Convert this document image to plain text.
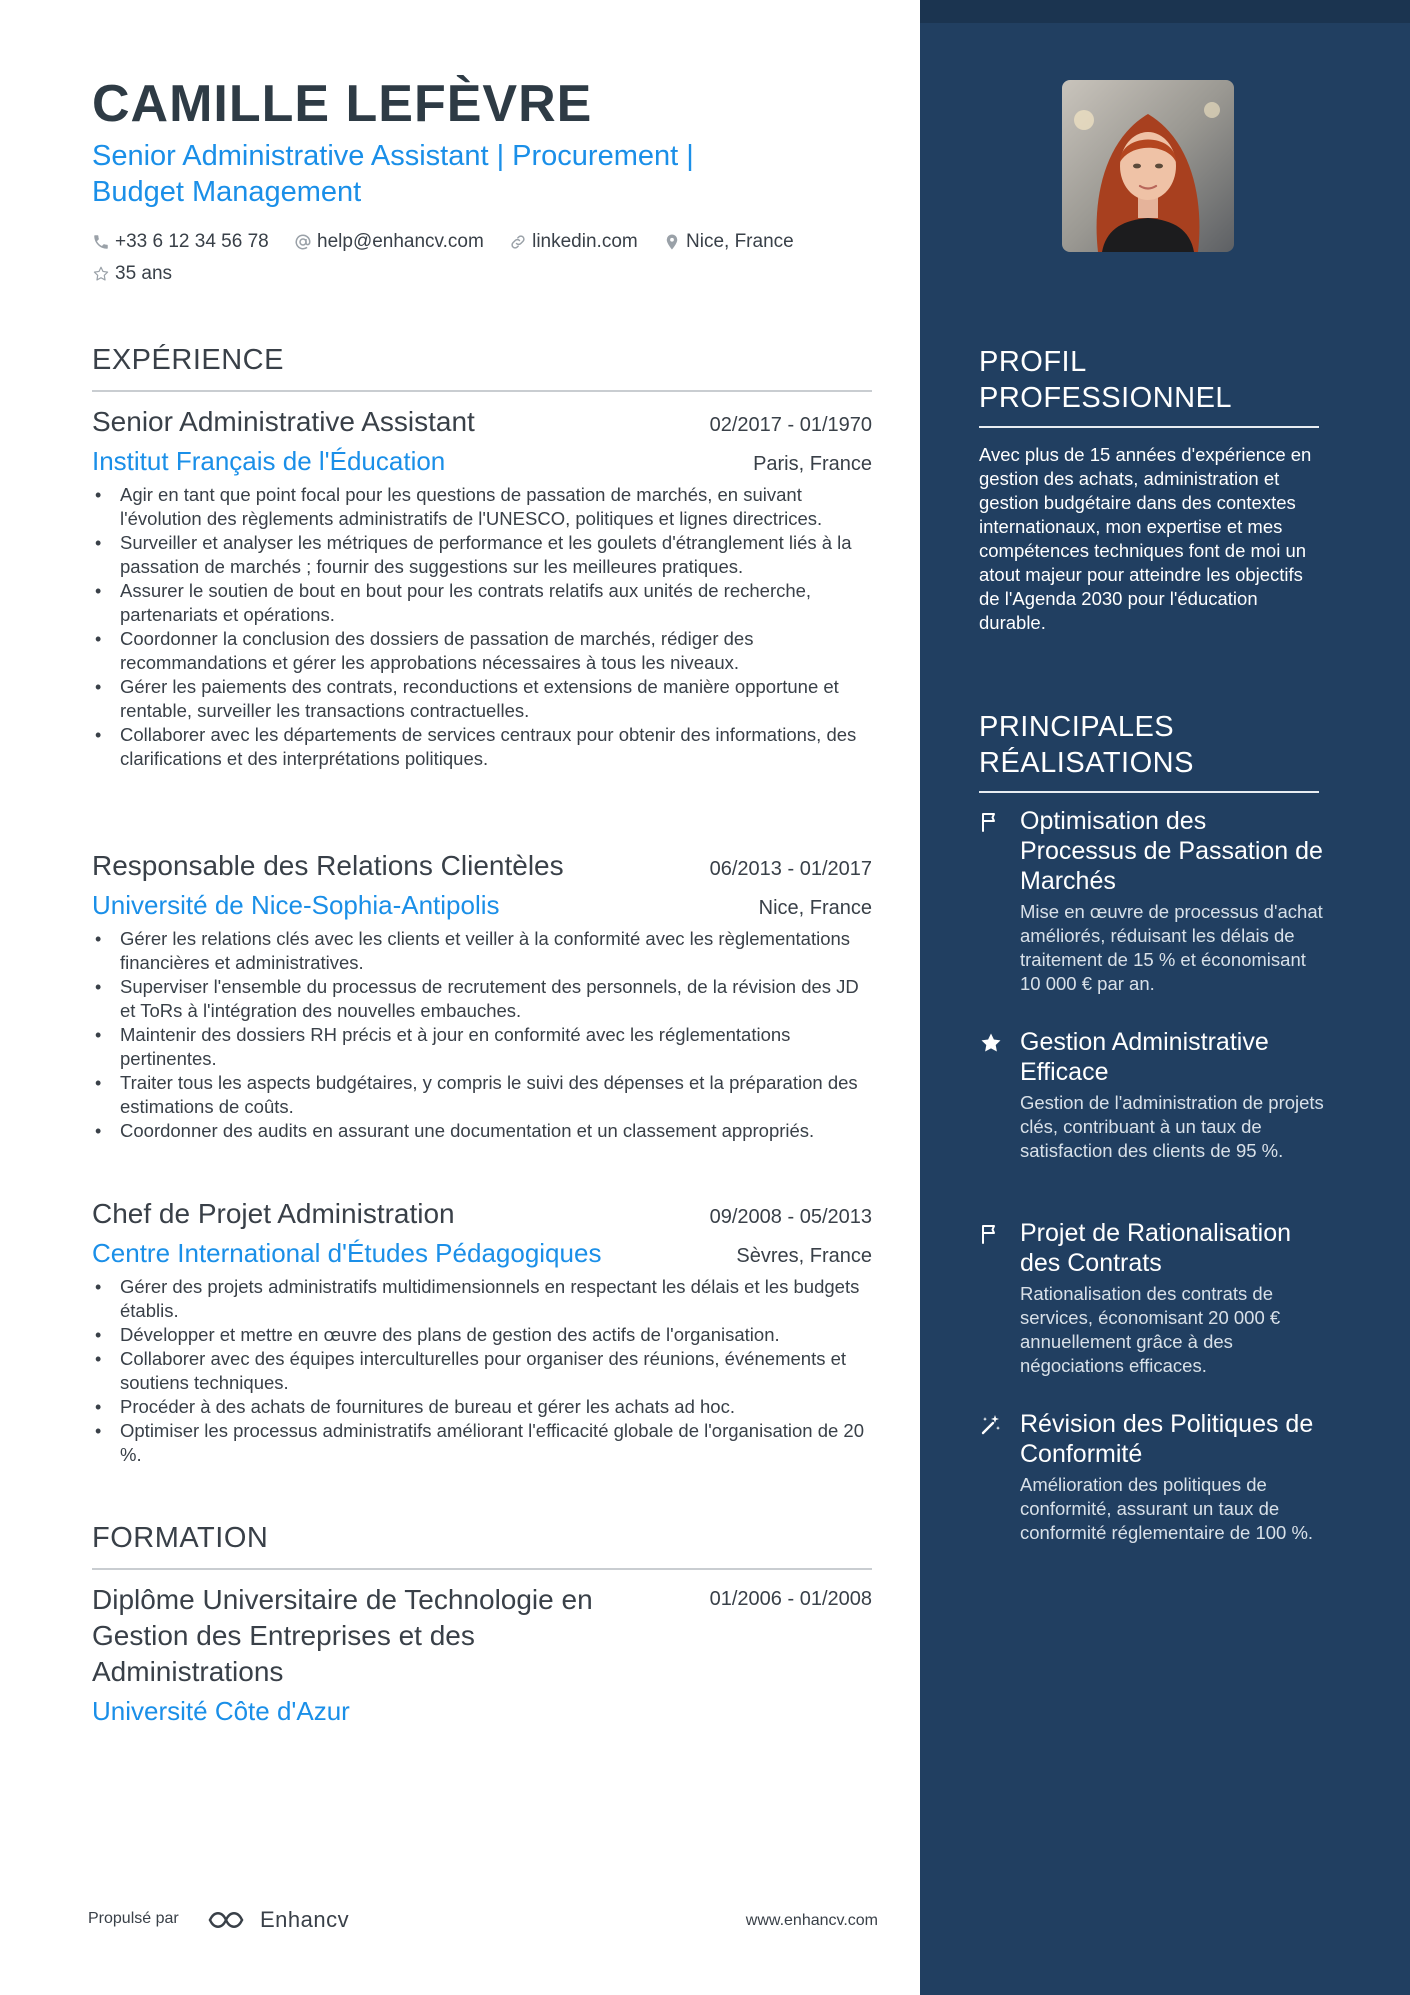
CAMILLE LEFÈVRE
Senior Administrative Assistant | Procurement |
Budget Management
+33 6 12 34 56 78
	help@enhancv.com
	linkedin.com
	Nice, France

35 ans
EXPÉRIENCE
Senior Administrative Assistant	02/2017 - 01/1970
Institut Français de l'Éducation	Paris, France
• Agir en tant que point focal pour les questions de passation de marchés, en suivant l'évolution des règlements administratifs de l'UNESCO, politiques et lignes directrices.
• Surveiller et analyser les métriques de performance et les goulets d'étranglement liés à la passation de marchés ; fournir des suggestions sur les meilleures pratiques.
• Assurer le soutien de bout en bout pour les contrats relatifs aux unités de recherche, partenariats et opérations.
• Coordonner la conclusion des dossiers de passation de marchés, rédiger des recommandations et gérer les approbations nécessaires à tous les niveaux.
• Gérer les paiements des contrats, reconductions et extensions de manière opportune et rentable, surveiller les transactions contractuelles.
• Collaborer avec les départements de services centraux pour obtenir des informations, des clarifications et des interprétations politiques.
Responsable des Relations Clientèles	06/2013 - 01/2017
Université de Nice-Sophia-Antipolis	Nice, France
• Gérer les relations clés avec les clients et veiller à la conformité avec les règlementations financières et administratives.
• Superviser l'ensemble du processus de recrutement des personnels, de la révision des JD et ToRs à l'intégration des nouvelles embauches.
• Maintenir des dossiers RH précis et à jour en conformité avec les réglementations pertinentes.
• Traiter tous les aspects budgétaires, y compris le suivi des dépenses et la préparation des estimations de coûts.
• Coordonner des audits en assurant une documentation et un classement appropriés.
Chef de Projet Administration	09/2008 - 05/2013
Centre International d'Études Pédagogiques	Sèvres, France
• Gérer des projets administratifs multidimensionnels en respectant les délais et les budgets établis.
• Développer et mettre en œuvre des plans de gestion des actifs de l'organisation.
• Collaborer avec des équipes interculturelles pour organiser des réunions, événements et soutiens techniques.
• Procéder à des achats de fournitures de bureau et gérer les achats ad hoc.
• Optimiser les processus administratifs améliorant l'efficacité globale de l'organisation de 20 %.
FORMATION
Diplôme Universitaire de Technologie en Gestion des Entreprises et des Administrations
01/2006 - 01/2008
Université Côte d'Azur
Propulsé par	Enhancv	www.enhancv.com
PROFIL
PROFESSIONNEL
Avec plus de 15 années d'expérience en gestion des achats, administration et gestion budgétaire dans des contextes internationaux, mon expertise et mes compétences techniques font de moi un atout majeur pour atteindre les objectifs de l'Agenda 2030 pour l'éducation durable.
PRINCIPALES
RÉALISATIONS
Optimisation des Processus de Passation de Marchés
Mise en œuvre de processus d'achat améliorés, réduisant les délais de traitement de 15 % et économisant 10 000 € par an.
Gestion Administrative Efficace
Gestion de l'administration de projets clés, contribuant à un taux de satisfaction des clients de 95 %.
Projet de Rationalisation des Contrats
Rationalisation des contrats de services, économisant 20 000 € annuellement grâce à des négociations efficaces.
Révision des Politiques de Conformité
Amélioration des politiques de conformité, assurant un taux de conformité réglementaire de 100 %.
